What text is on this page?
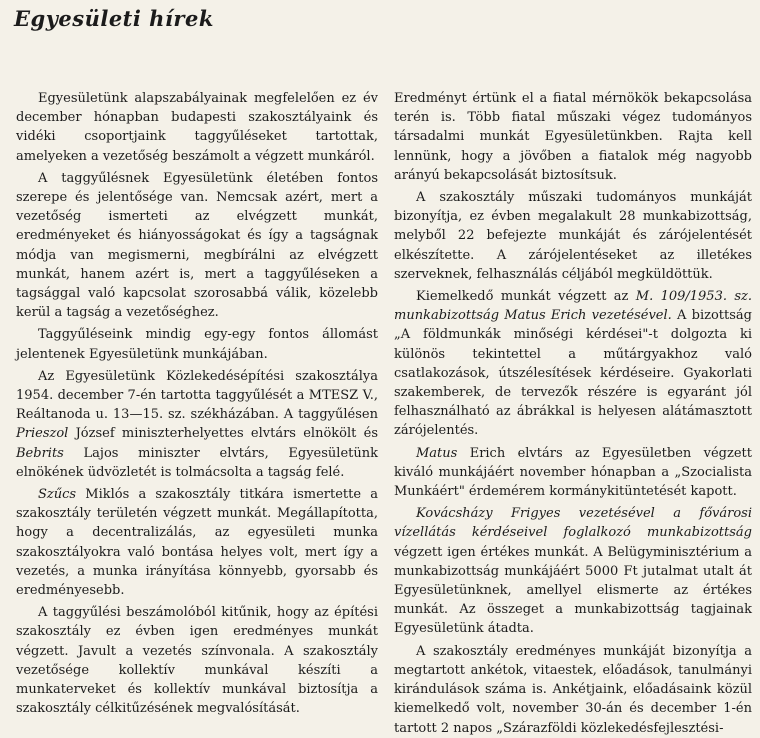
Egyesületi hírek

Egyesületünk alapszabályainak megfelelően ez év december hónapban budapesti szakosztályaink és vidéki csoportjaink taggyűléseket tartottak, amelyeken a vezetőség beszámolt a végzett munkáról.

A taggyűlésnek Egyesületünk életében fontos szerepe és jelentősége van. Nemcsak azért, mert a vezetőség ismerteti az elvégzett munkát, eredményeket és hiányosságokat és így a tagságnak módja van megismerni, megbírálni az elvégzett munkát, hanem azért is, mert a taggyűléseken a tagsággal való kapcsolat szorosabbá válik, közelebb kerül a tagság a vezetőséghez.

Taggyűléseink mindig egy-egy fontos állomást jelentenek Egyesületünk munkájában.

Az Egyesületünk Közlekedésépítési szakosztálya 1954. december 7-én tartotta taggyűlését a MTESZ V., Reáltanoda u. 13—15. sz. székházában. A taggyűlésen Prieszol József miniszterhelyettes elvtárs elnökölt és Bebrits Lajos miniszter elvtárs, Egyesületünk elnökének üdvözletét is tolmácsolta a tagság felé.

Szűcs Miklós a szakosztály titkára ismertette a szakosztály területén végzett munkát. Megállapította, hogy a decentralizálás, az egyesületi munka szakosztályokra való bontása helyes volt, mert így a vezetés, a munka irányítása könnyebb, gyorsabb és eredményesebb.

A taggyűlési beszámolóból kitűnik, hogy az építési szakosztály ez évben igen eredményes munkát végzett. Javult a vezetés színvonala. A szakosztály vezetősége kollektív munkával készíti a munkaterveket és kollektív munkával biztosítja a szakosztály célkitűzésének megvalósítását.

Eredményt értünk el a fiatal mérnökök bekapcsolása terén is. Több fiatal műszaki végez tudományos társadalmi munkát Egyesületünkben. Rajta kell lennünk, hogy a jövőben a fiatalok még nagyobb arányú bekapcsolását biztosítsuk.

A szakosztály műszaki tudományos munkáját bizonyítja, ez évben megalakult 28 munkabizottság, melyből 22 befejezte munkáját és zárójelentését elkészítette. A zárójelentéseket az illetékes szerveknek, felhasználás céljából megküldöttük.

Kiemelkedő munkát végzett az M. 109/1953. sz. munkabizottság Matus Erich vezetésével. A bizottság „A földmunkák minőségi kérdései"-t dolgozta ki különös tekintettel a műtárgyakhoz való csatlakozások, útszélesítések kérdéseire. Gyakorlati szakemberek, de tervezők részére is egyaránt jól felhasználható az ábrákkal is helyesen alátámasztott zárójelentés.

Matus Erich elvtárs az Egyesületben végzett kiváló munkájáért november hónapban a „Szocialista Munkáért" érdemérem kormánykitüntetését kapott.

Kovácsházy Frigyes vezetésével a fővárosi vízellátás kérdéseivel foglalkozó munkabizottság végzett igen értékes munkát. A Belügyminisztérium a munkabizottság munkájáért 5000 Ft jutalmat utalt át Egyesületünknek, amellyel elismerte az értékes munkát. Az összeget a munkabizottság tagjainak Egyesületünk átadta.

A szakosztály eredményes munkáját bizonyítja a megtartott ankétok, vitaestek, előadások, tanulmányi kirándulások száma is. Ankétjaink, előadásaink közül kiemelkedő volt, november 30-án és december 1-én tartott 2 napos „Szárazföldi közlekedésfejlesztési-
